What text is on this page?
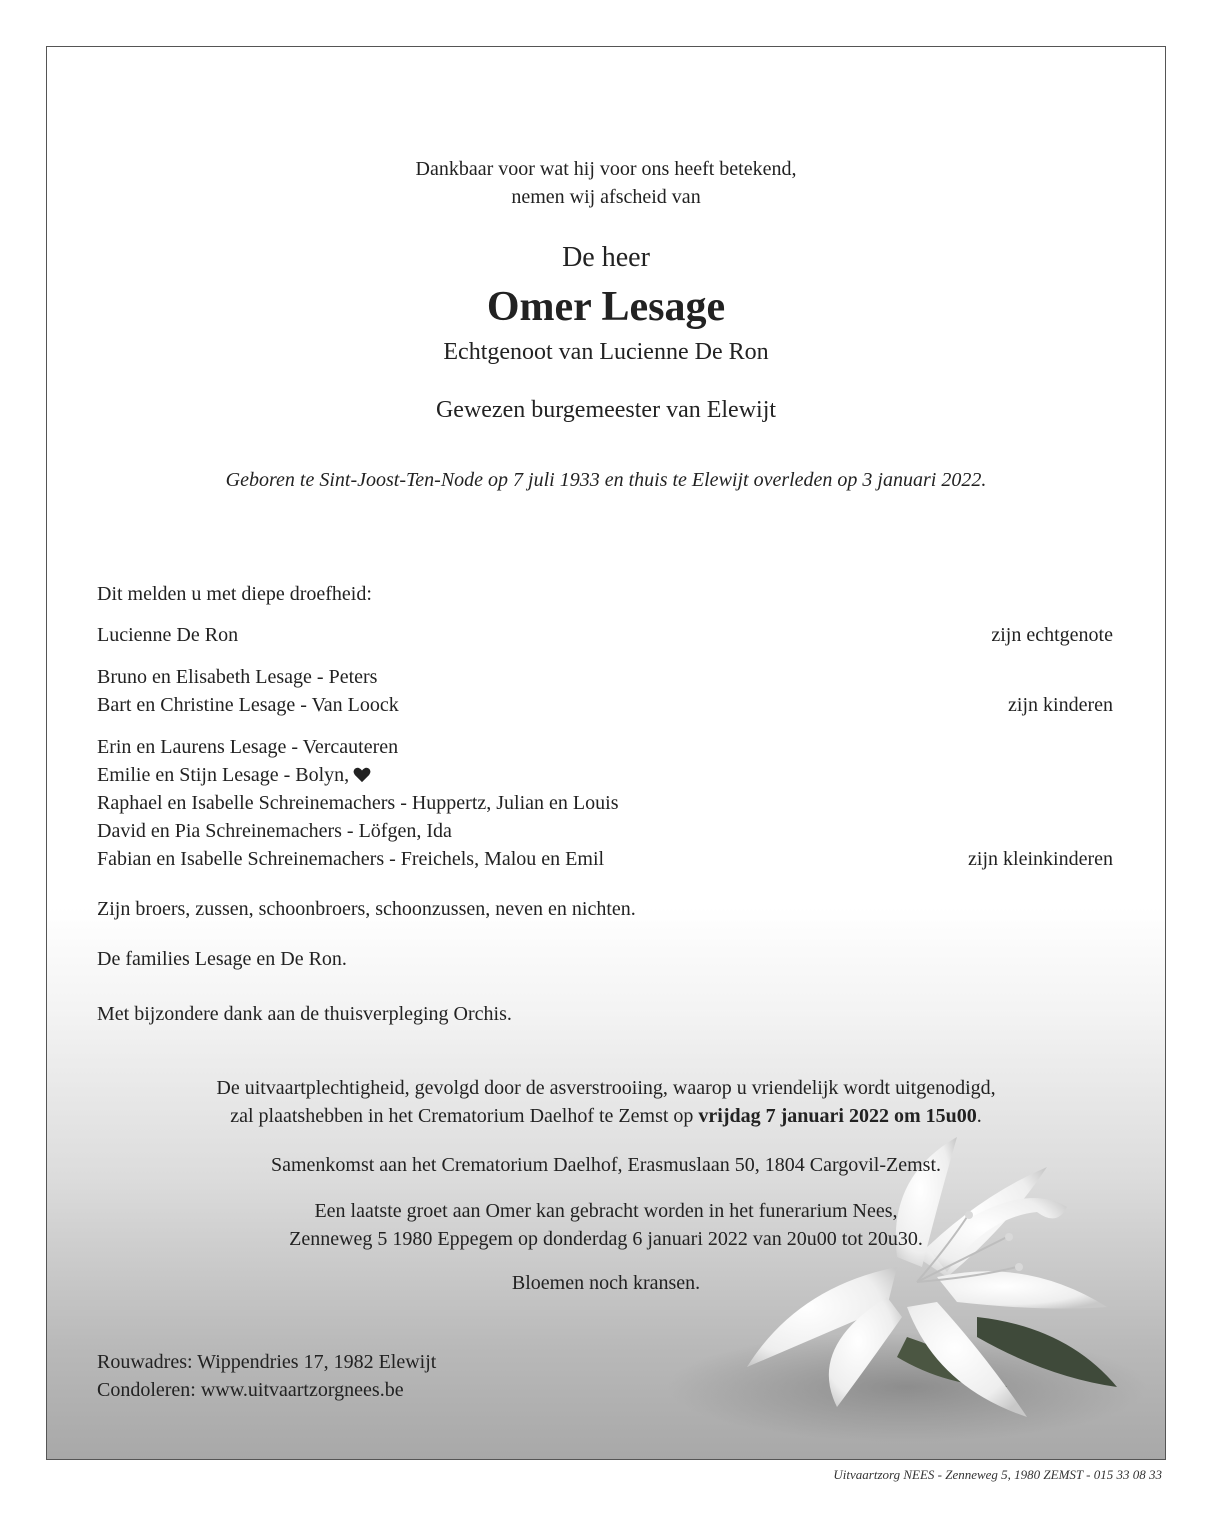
Dankbaar voor wat hij voor ons heeft betekend,
nemen wij afscheid van
De heer
Omer Lesage
Echtgenoot van Lucienne De Ron
Gewezen burgemeester van Elewijt
Geboren te Sint-Joost-Ten-Node op 7 juli 1933 en thuis te Elewijt overleden op 3 januari 2022.
Dit melden u met diepe droefheid:
Lucienne De Ron	zijn echtgenote
Bruno en Elisabeth Lesage - Peters
Bart en Christine Lesage - Van Loock	zijn kinderen
Erin en Laurens Lesage - Vercauteren
Emilie en Stijn Lesage - Bolyn,
Raphael en Isabelle Schreinemachers - Huppertz, Julian en Louis
David en Pia Schreinemachers - Löfgen, Ida
Fabian en Isabelle Schreinemachers - Freichels, Malou en Emil	zijn kleinkinderen
Zijn broers, zussen, schoonbroers, schoonzussen, neven en nichten.
De families Lesage en De Ron.
Met bijzondere dank aan de thuisverpleging Orchis.
De uitvaartplechtigheid, gevolgd door de asverstrooiing, waarop u vriendelijk wordt uitgenodigd,
zal plaatshebben in het Crematorium Daelhof te Zemst op vrijdag 7 januari 2022 om 15u00.
Samenkomst aan het Crematorium Daelhof, Erasmuslaan 50, 1804 Cargovil-Zemst.
Een laatste groet aan Omer kan gebracht worden in het funerarium Nees,
Zenneweg 5 1980 Eppegem op donderdag 6 januari 2022 van 20u00 tot 20u30.
Bloemen noch kransen.
Rouwadres: Wippendries 17, 1982 Elewijt
Condoleren: www.uitvaartzorgnees.be
Uitvaartzorg NEES - Zenneweg 5, 1980 ZEMST - 015 33 08 33
